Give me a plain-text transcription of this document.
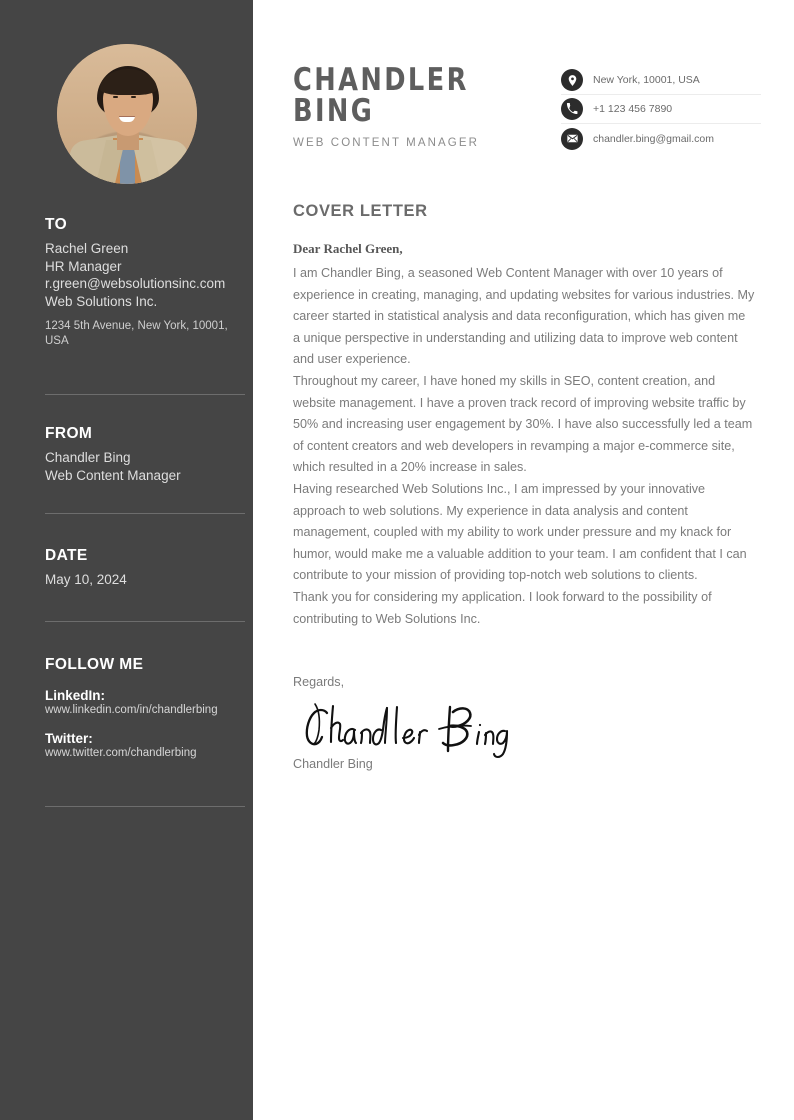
TO
Rachel Green
HR Manager
r.green@websolutionsinc.com
Web Solutions Inc.
1234 5th Avenue, New York, 10001, USA
FROM
Chandler Bing
Web Content Manager
DATE
May 10, 2024
FOLLOW ME
LinkedIn:
www.linkedin.com/in/chandlerbing
Twitter:
www.twitter.com/chandlerbing
CHANDLER
BING
WEB CONTENT MANAGER
New York, 10001, USA
+1 123 456 7890
chandler.bing@gmail.com
COVER LETTER
Dear Rachel Green,

I am Chandler Bing, a seasoned Web Content Manager with over 10 years of experience in creating, managing, and updating websites for various industries. My career started in statistical analysis and data reconfiguration, which has given me a unique perspective in understanding and utilizing data to improve web content and user experience.

Throughout my career, I have honed my skills in SEO, content creation, and website management. I have a proven track record of improving website traffic by 50% and increasing user engagement by 30%. I have also successfully led a team of content creators and web developers in revamping a major e-commerce site, which resulted in a 20% increase in sales.

Having researched Web Solutions Inc., I am impressed by your innovative approach to web solutions. My experience in data analysis and content management, coupled with my ability to work under pressure and my knack for humor, would make me a valuable addition to your team. I am confident that I can contribute to your mission of providing top-notch web solutions to clients.

Thank you for considering my application. I look forward to the possibility of contributing to Web Solutions Inc.

Regards,
Chandler Bing
